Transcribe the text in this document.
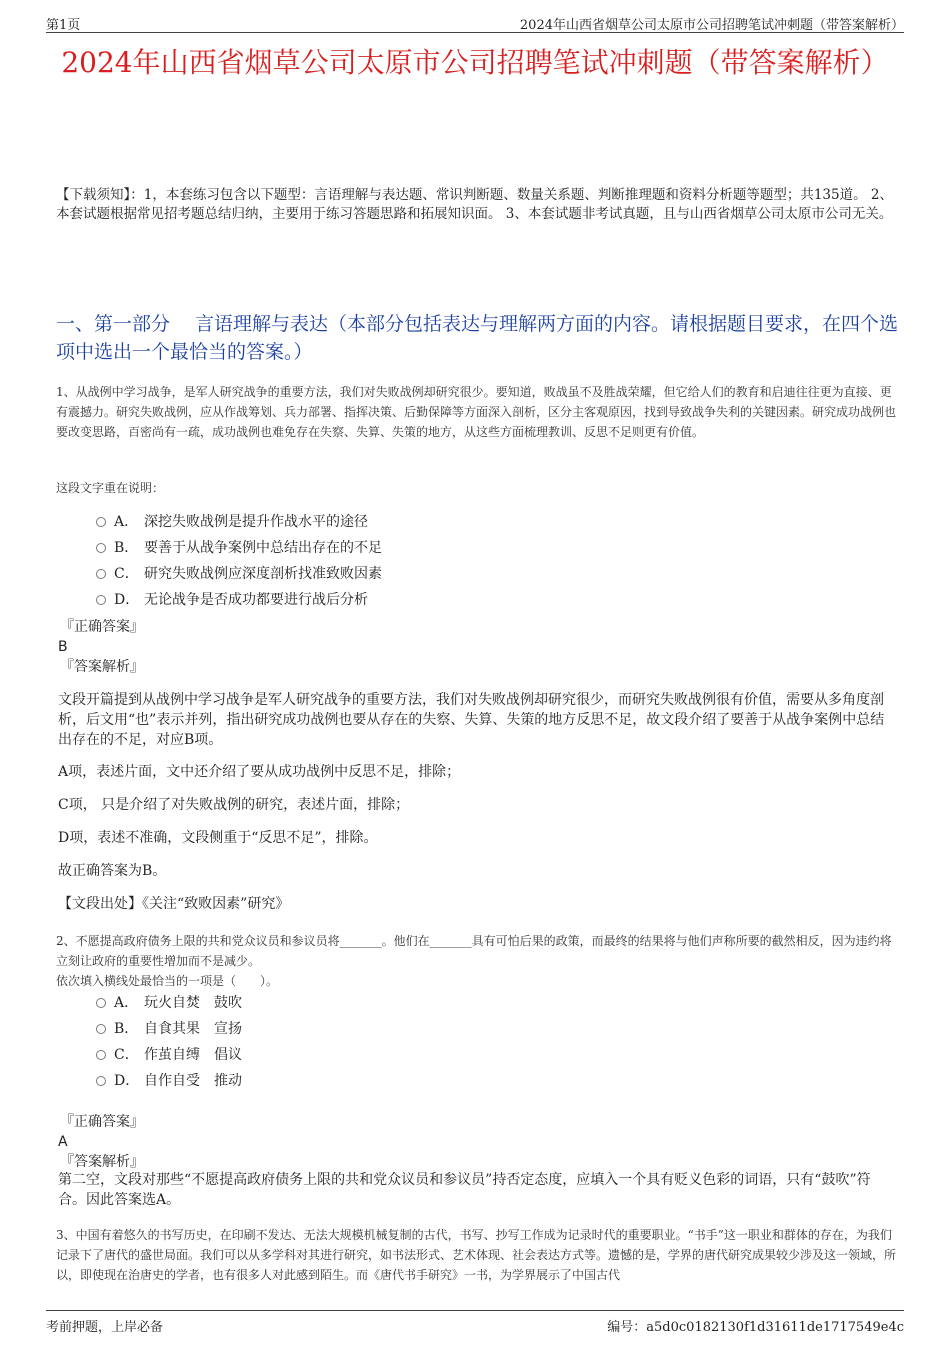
第1页	2024年山西省烟草公司太原市公司招聘笔试冲刺题（带答案解析）
2024年山西省烟草公司太原市公司招聘笔试冲刺题（带答案解析）
【下载须知】：1，本套练习包含以下题型：言语理解与表达题、常识判断题、数量关系题、判断推理题和资料分析题等题型；共135道。 2、本套试题根据常见招考题总结归纳，主要用于练习答题思路和拓展知识面。 3、本套试题非考试真题，且与山西省烟草公司太原市公司无关。
一、第一部分　 言语理解与表达（本部分包括表达与理解两方面的内容。请根据题目要求，在四个选项中选出一个最恰当的答案。）
1、从战例中学习战争，是军人研究战争的重要方法，我们对失败战例却研究很少。要知道，败战虽不及胜战荣耀，但它给人们的教育和启迪往往更为直接、更有震撼力。研究失败战例，应从作战筹划、兵力部署、指挥决策、后勤保障等方面深入剖析，区分主客观原因，找到导致战争失利的关键因素。研究成功战例也要改变思路，百密尚有一疏，成功战例也难免存在失察、失算、失策的地方，从这些方面梳理教训、反思不足则更有价值。
这段文字重在说明：
A． 深挖失败战例是提升作战水平的途径
B． 要善于从战争案例中总结出存在的不足
C． 研究失败战例应深度剖析找准致败因素
D． 无论战争是否成功都要进行战后分析
『正确答案』
B
『答案解析』
文段开篇提到从战例中学习战争是军人研究战争的重要方法，我们对失败战例却研究很少，而研究失败战例很有价值，需要从多角度剖析，后文用“也”表示并列，指出研究成功战例也要从存在的失察、失算、失策的地方反思不足，故文段介绍了要善于从战争案例中总结出存在的不足，对应B项。
A项，表述片面，文中还介绍了要从成功战例中反思不足，排除；
C项， 只是介绍了对失败战例的研究，表述片面，排除；
D项，表述不准确，文段侧重于“反思不足”，排除。
故正确答案为B。
【文段出处】《关注“致败因素”研究》
2、不愿提高政府债务上限的共和党众议员和参议员将_______。他们在_______具有可怕后果的政策，而最终的结果将与他们声称所要的截然相反，因为违约将立刻让政府的重要性增加而不是减少。
依次填入横线处最恰当的一项是（　　）。
A． 玩火自焚　鼓吹
B． 自食其果　宣扬
C． 作茧自缚　倡议
D． 自作自受　推动
『正确答案』
A
『答案解析』
第二空，文段对那些“不愿提高政府债务上限的共和党众议员和参议员”持否定态度，应填入一个具有贬义色彩的词语，只有“鼓吹”符合。因此答案选A。
3、中国有着悠久的书写历史，在印刷不发达、无法大规模机械复制的古代，书写、抄写工作成为记录时代的重要职业。“书手”这一职业和群体的存在，为我们记录下了唐代的盛世局面。我们可以从多学科对其进行研究，如书法形式、艺术体现、社会表达方式等。遗憾的是，学界的唐代研究成果较少涉及这一领域，所以，即使现在治唐史的学者，也有很多人对此感到陌生。而《唐代书手研究》一书，为学界展示了中国古代
考前押题，上岸必备	编号：a5d0c0182130f1d31611de1717549e4c
